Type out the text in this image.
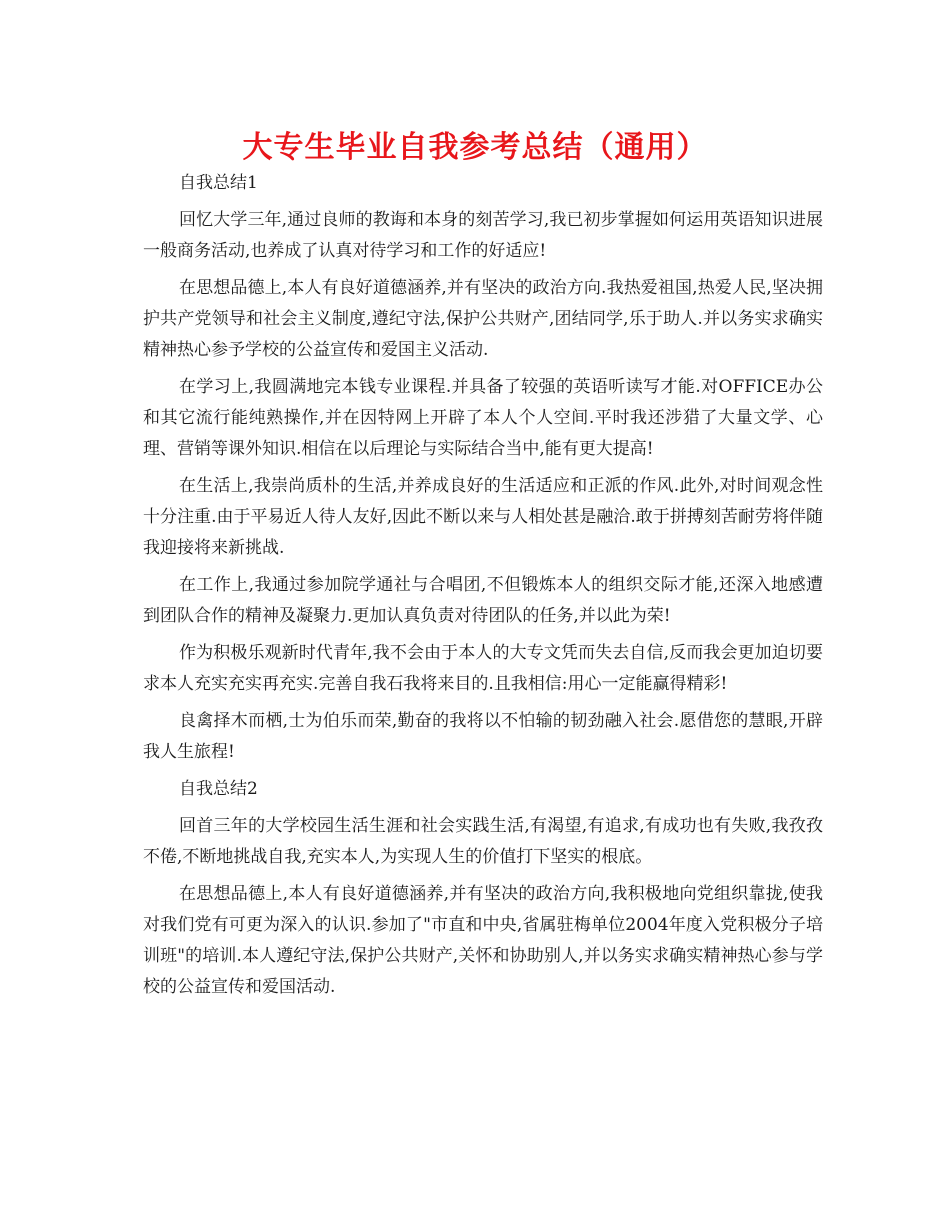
大专生毕业自我参考总结（通用）

自我总结1

回忆大学三年,通过良师的教诲和本身的刻苦学习,我已初步掌握如何运用英语知识进展一般商务活动,也养成了认真对待学习和工作的好适应!

在思想品德上,本人有良好道德涵养,并有坚决的政治方向.我热爱祖国,热爱人民,坚决拥护共产党领导和社会主义制度,遵纪守法,保护公共财产,团结同学,乐于助人.并以务实求确实精神热心参予学校的公益宣传和爱国主义活动.

在学习上,我圆满地完本钱专业课程.并具备了较强的英语听读写才能.对OFFICE办公和其它流行能纯熟操作,并在因特网上开辟了本人个人空间.平时我还涉猎了大量文学、心理、营销等课外知识.相信在以后理论与实际结合当中,能有更大提高!

在生活上,我崇尚质朴的生活,并养成良好的生活适应和正派的作风.此外,对时间观念性十分注重.由于平易近人待人友好,因此不断以来与人相处甚是融洽.敢于拼搏刻苦耐劳将伴随我迎接将来新挑战.

在工作上,我通过参加院学通社与合唱团,不但锻炼本人的组织交际才能,还深入地感遭到团队合作的精神及凝聚力.更加认真负责对待团队的任务,并以此为荣!

作为积极乐观新时代青年,我不会由于本人的大专文凭而失去自信,反而我会更加迫切要求本人充实充实再充实.完善自我石我将来目的.且我相信:用心一定能赢得精彩!

良禽择木而栖,士为伯乐而荣,勤奋的我将以不怕输的韧劲融入社会.愿借您的慧眼,开辟我人生旅程!

自我总结2

回首三年的大学校园生活生涯和社会实践生活,有渴望,有追求,有成功也有失败,我孜孜不倦,不断地挑战自我,充实本人,为实现人生的价值打下坚实的根底。

在思想品德上,本人有良好道德涵养,并有坚决的政治方向,我积极地向党组织靠拢,使我对我们党有可更为深入的认识.参加了"市直和中央,省属驻梅单位2004年度入党积极分子培训班"的培训.本人遵纪守法,保护公共财产,关怀和协助别人,并以务实求确实精神热心参与学校的公益宣传和爱国活动.
